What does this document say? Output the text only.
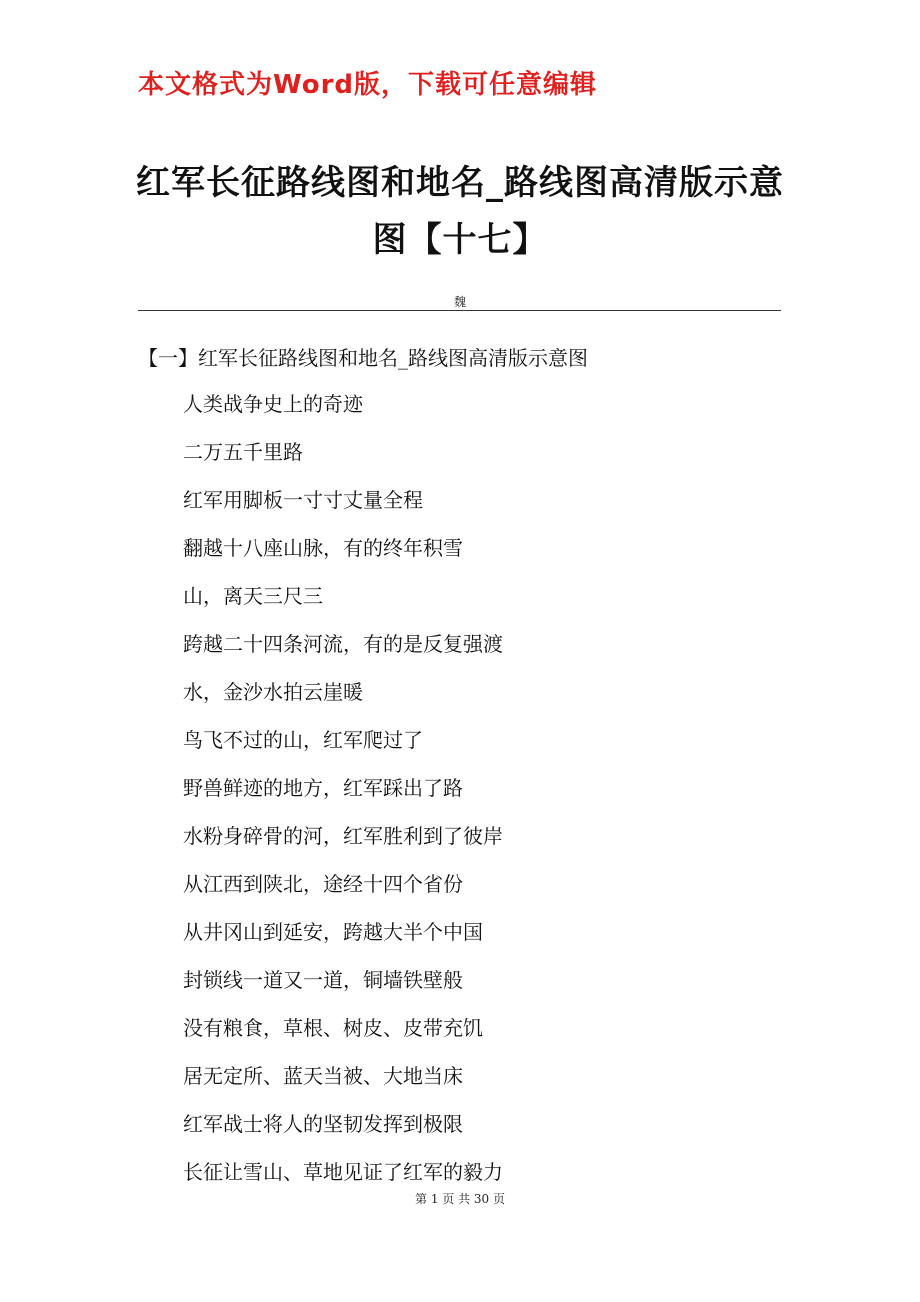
本文格式为Word版，下载可任意编辑
红军长征路线图和地名_路线图高清版示意
图【十七】
魏
【一】红军长征路线图和地名_路线图高清版示意图
人类战争史上的奇迹
二万五千里路
红军用脚板一寸寸丈量全程
翻越十八座山脉，有的终年积雪
山，离天三尺三
跨越二十四条河流，有的是反复强渡
水，金沙水拍云崖暖
鸟飞不过的山，红军爬过了
野兽鲜迹的地方，红军踩出了路
水粉身碎骨的河，红军胜利到了彼岸
从江西到陕北，途经十四个省份
从井冈山到延安，跨越大半个中国
封锁线一道又一道，铜墙铁壁般
没有粮食，草根、树皮、皮带充饥
居无定所、蓝天当被、大地当床
红军战士将人的坚韧发挥到极限
长征让雪山、草地见证了红军的毅力
第 1 页 共 30 页
